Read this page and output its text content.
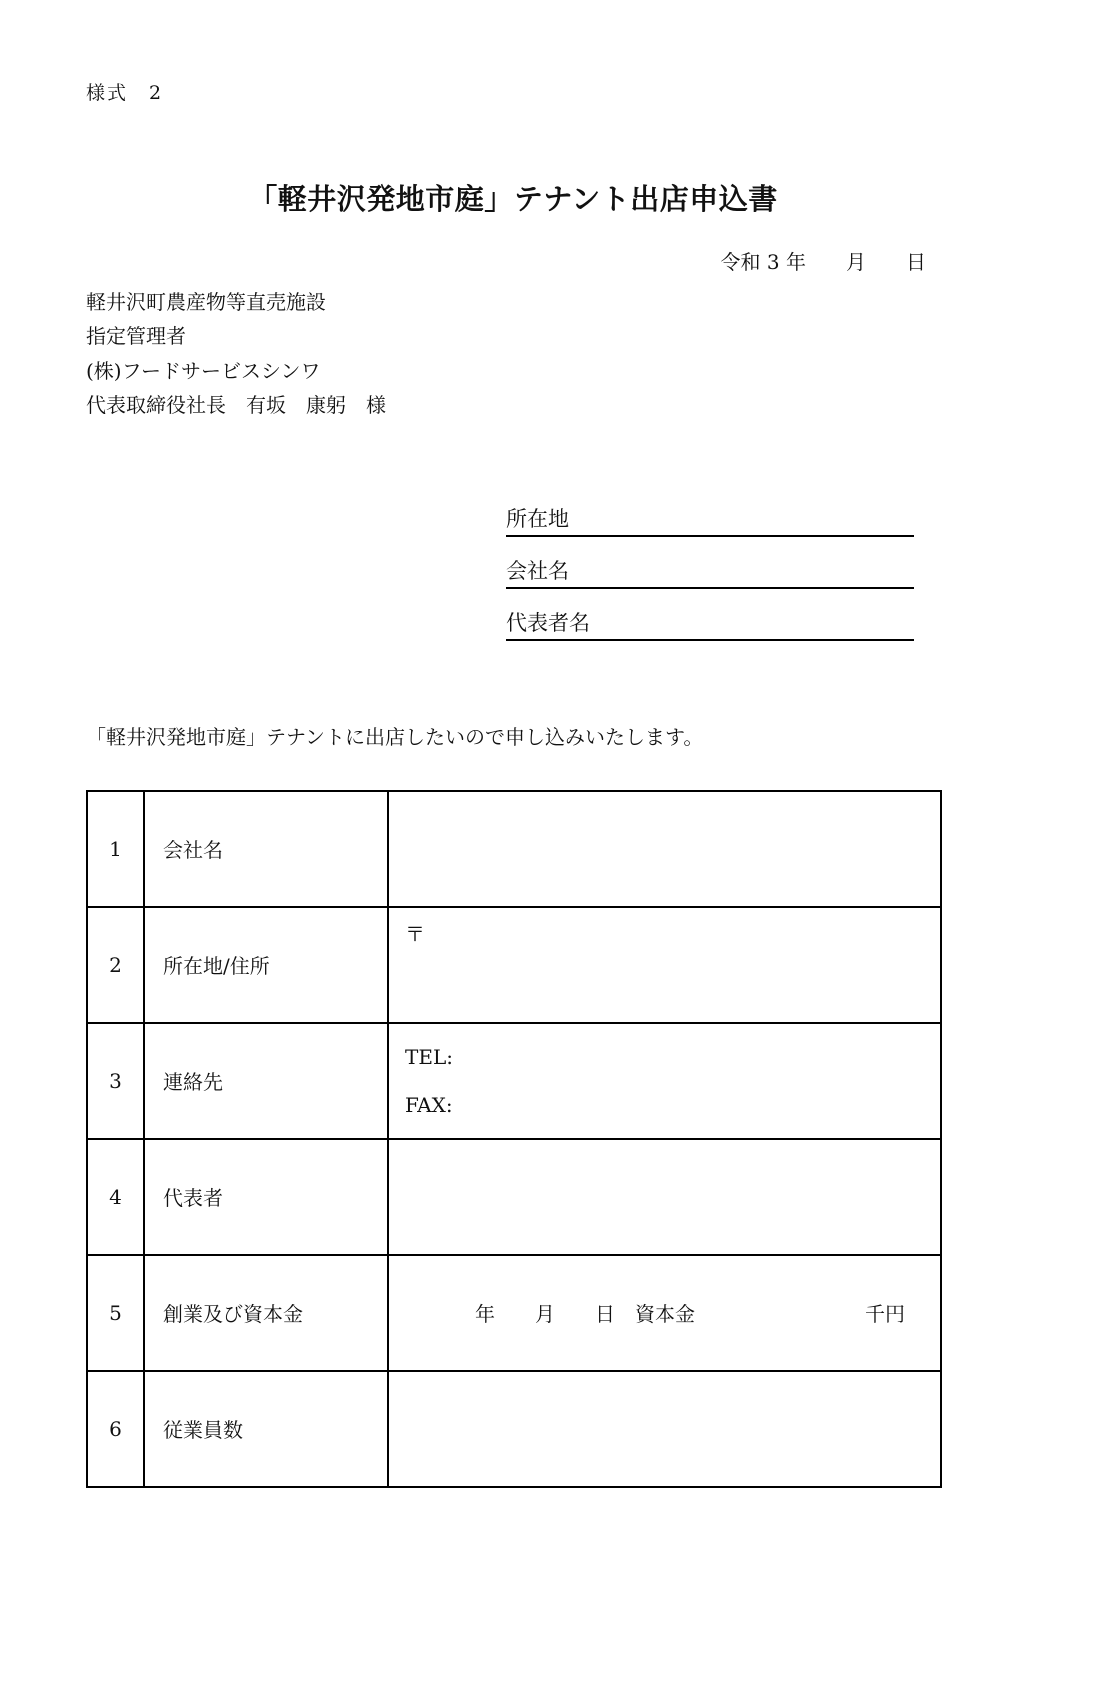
様式　2
「軽井沢発地市庭」テナント出店申込書
令和 3 年　　月　　日
軽井沢町農産物等直売施設
指定管理者
(株)フードサービスシンワ
代表取締役社長　有坂　康躬　様
所在地
会社名
代表者名
「軽井沢発地市庭」テナントに出店したいので申し込みいたします。
1	会社名	
2	所在地/住所	〒
3	連絡先	TEL:
FAX:

4	代表者	
5	創業及び資本金	年　　月　　日　資本金 千円

6	従業員数	
